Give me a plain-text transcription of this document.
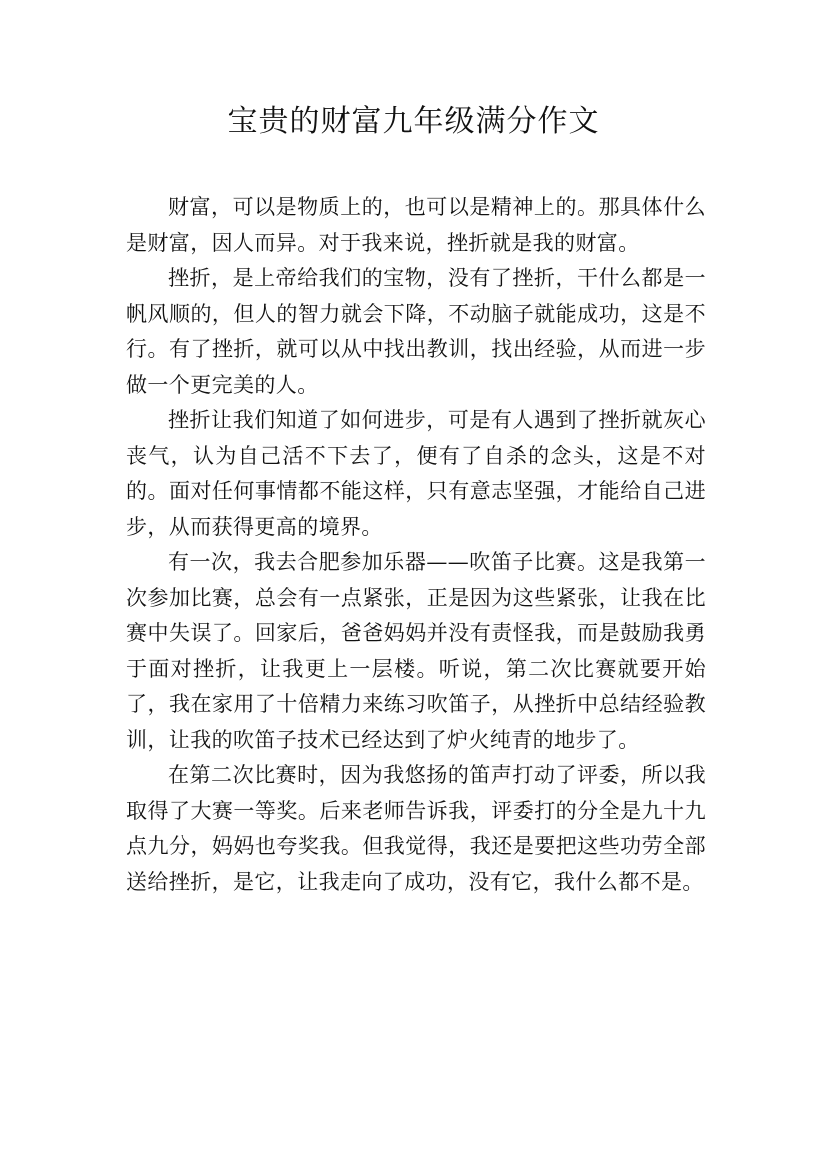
宝贵的财富九年级满分作文

财富，可以是物质上的，也可以是精神上的。那具体什么是财富，因人而异。对于我来说，挫折就是我的财富。

挫折，是上帝给我们的宝物，没有了挫折，干什么都是一帆风顺的，但人的智力就会下降，不动脑子就能成功，这是不行。有了挫折，就可以从中找出教训，找出经验，从而进一步做一个更完美的人。

挫折让我们知道了如何进步，可是有人遇到了挫折就灰心丧气，认为自己活不下去了，便有了自杀的念头，这是不对的。面对任何事情都不能这样，只有意志坚强，才能给自己进步，从而获得更高的境界。

有一次，我去合肥参加乐器——吹笛子比赛。这是我第一次参加比赛，总会有一点紧张，正是因为这些紧张，让我在比赛中失误了。回家后，爸爸妈妈并没有责怪我，而是鼓励我勇于面对挫折，让我更上一层楼。听说，第二次比赛就要开始了，我在家用了十倍精力来练习吹笛子，从挫折中总结经验教训，让我的吹笛子技术已经达到了炉火纯青的地步了。

在第二次比赛时，因为我悠扬的笛声打动了评委，所以我取得了大赛一等奖。后来老师告诉我，评委打的分全是九十九点九分，妈妈也夸奖我。但我觉得，我还是要把这些功劳全部送给挫折，是它，让我走向了成功，没有它，我什么都不是。
